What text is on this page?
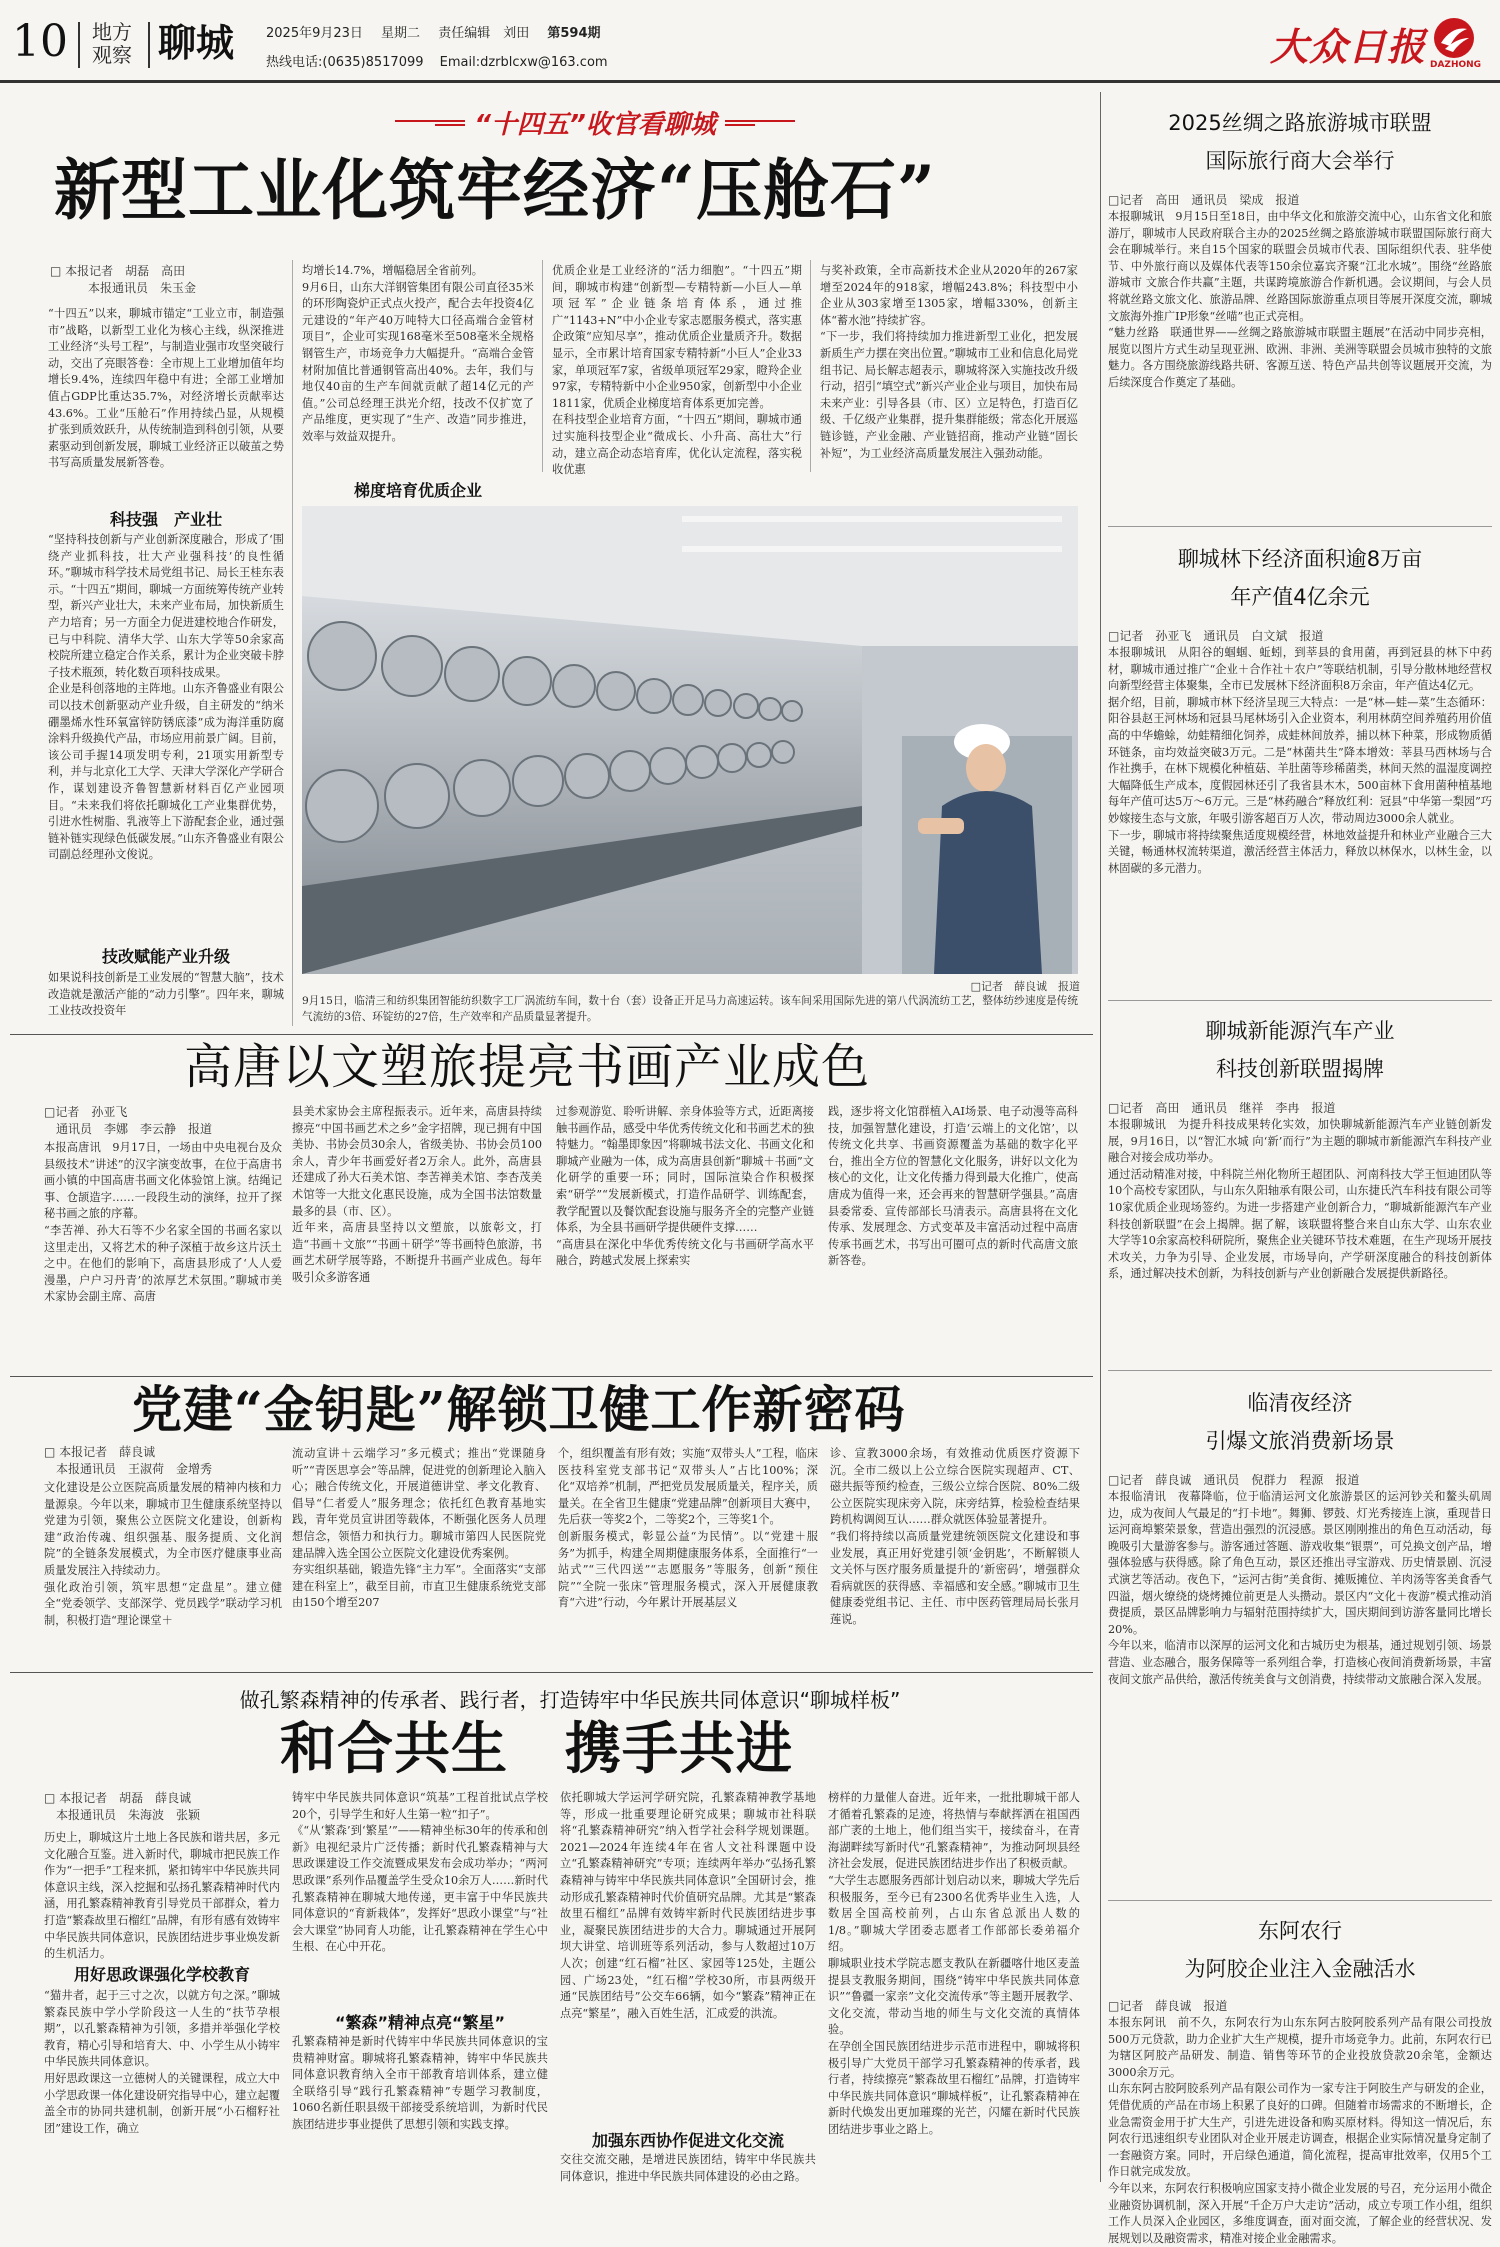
10 地方
观察 聊城 2025年9月23日 星期二 责任编辑　刘田 第594期
热线电话:(0635)8517099 Email:dzrblcxw@163.com	大众日报 DAZHONG
“十四五”收官看聊城
新型工业化筑牢经济“压舱石”
□ 本报记者　胡磊　高田
本报通讯员　朱玉金
“十四五”以来，聊城市锚定“工业立市，制造强市”战略，以新型工业化为核心主线，纵深推进工业经济“头号工程”，与制造业强市攻坚突破行动，交出了亮眼答卷：全市规上工业增加值年均增长9.4%，连续四年稳中有进；全部工业增加值占GDP比重达35.7%，对经济增长贡献率达43.6%。工业“压舱石”作用持续凸显，从规模扩张到质效跃升，从传统制造到科创引领，从要素驱动到创新发展，聊城工业经济正以破茧之势书写高质量发展新答卷。
科技强　产业壮
“坚持科技创新与产业创新深度融合，形成了‘围绕产业抓科技，壮大产业强科技’的良性循环。”聊城市科学技术局党组书记、局长王桂东表示。“十四五”期间，聊城一方面统筹传统产业转型，新兴产业壮大，未来产业布局，加快新质生产力培育；另一方面全力促进建校地合作研发，已与中科院、清华大学、山东大学等50余家高校院所建立稳定合作关系，累计为企业突破卡脖子技术瓶颈，转化数百项科技成果。
企业是科创落地的主阵地。山东齐鲁盛业有限公司以技术创新驱动产业升级，自主研发的“纳米硼墨烯水性环氧富锌防锈底漆”成为海洋重防腐涂料升级换代产品，市场应用前景广阔。目前，该公司手握14项发明专利，21项实用新型专利，并与北京化工大学、天津大学深化产学研合作，谋划建设齐鲁智慧新材料百亿产业园项目。“未来我们将依托聊城化工产业集群优势，引进水性树脂、乳液等上下游配套企业，通过强链补链实现绿色低碳发展。”山东齐鲁盛业有限公司副总经理孙文俊说。
技改赋能产业升级
如果说科技创新是工业发展的“智慧大脑”，技术改造就是激活产能的“动力引擎”。四年来，聊城工业技改投资年
均增长14.7%，增幅稳居全省前列。
9月6日，山东大洋钢管集团有限公司直径35米的环形陶瓷炉正式点火投产，配合去年投资4亿元建设的“年产40万吨特大口径高端合金管材项目”，企业可实现168毫米至508毫米全规格钢管生产，市场竞争力大幅提升。“高端合金管材附加值比普通钢管高出40%。去年，我们与地仅40亩的生产车间就贡献了超14亿元的产值。”公司总经理王洪光介绍，技改不仅扩宽了产品维度，更实现了“生产、改造”同步推进，效率与效益双提升。
优质企业是工业经济的“活力细胞”。“十四五”期间，聊城市构建“创新型—专精特新—小巨人—单项冠军”企业链条培育体系，通过推广“1143+N”中小企业专家志愿服务模式，落实惠企政策“应知尽享”，推动优质企业量质齐升。数据显示，全市累计培育国家专精特新“小巨人”企业33家，单项冠军7家，省级单项冠军29家，瞪羚企业97家，专精特新中小企业950家，创新型中小企业1811家，优质企业梯度培育体系更加完善。
在科技型企业培育方面，“十四五”期间，聊城市通过实施科技型企业“微成长、小升高、高壮大”行动，建立高企动态培育库，优化认定流程，落实税收优惠
梯度培育优质企业
与奖补政策，全市高新技术企业从2020年的267家增至2024年的918家，增幅243.8%；科技型中小企业从303家增至1305家，增幅330%，创新主体“蓄水池”持续扩容。
“下一步，我们将持续加力推进新型工业化，把发展新质生产力摆在突出位置。”聊城市工业和信息化局党组书记、局长解志超表示，聊城将深入实施技改升级行动，招引“填空式”新兴产业企业与项目，加快布局未来产业：引导各县（市、区）立足特色，打造百亿级、千亿级产业集群，提升集群能级；常态化开展巡链诊链，产业金融、产业链招商，推动产业链“固长补短”，为工业经济高质量发展注入强劲动能。
□记者　薛良诚　报道
9月15日，临清三和纺织集团智能纺织数字工厂涡流纺车间，数十台（套）设备正开足马力高速运转。该车间采用国际先进的第八代涡流纺工艺，整体纺纱速度是传统气流纺的3倍、环锭纺的27倍，生产效率和产品质量显著提升。
高唐以文塑旅提亮书画产业成色
□记者　孙亚飞
通讯员　李娜　李云静　报道
本报高唐讯　9月17日，一场由中央电视台及众县级技术“讲述”的汉字演变故事，在位于高唐书画小镇的中国高唐书画文化体验馆上演。结绳记事、仓颉造字……一段段生动的演绎，拉开了探秘书画之旅的序幕。
“李苦禅、孙大石等不少名家全国的书画名家以这里走出，又将艺术的种子深植于故乡这片沃土之中。在他们的影响下，高唐县形成了‘人人爱漫墨，户户习丹青’的浓厚艺术氛围。”聊城市美术家协会副主席、高唐
县美术家协会主席程振表示。近年来，高唐县持续擦亮“中国书画艺术之乡”金字招牌，现已拥有中国美协、书协会员30余人，省级美协、书协会员100余人，青少年书画爱好者2万余人。此外，高唐县还建成了孙大石美术馆、李苦禅美术馆、李杏茂美术馆等一大批文化惠民设施，成为全国书法馆数量最多的县（市、区）。
近年来，高唐县坚持以文塑旅，以旅彰文，打造“书画＋文旅”“书画＋研学”等书画特色旅游，书画艺术研学展等路，不断提升书画产业成色。每年吸引众多游客通
过参观游览、聆听讲解、亲身体验等方式，近距离接触书画作品，感受中华优秀传统文化和书画艺术的独特魅力。“翰墨即象因”将聊城书法文化、书画文化和聊城产业融为一体，成为高唐县创新“聊城＋书画”文化研学的重要一环；同时，国际渲染合作积极探索“研学”“发展新模式，打造作品研学、训练配套，教学配置以及餐饮配套设施与服务齐全的完整产业链体系，为全县书画研学提供硬件支撑……
“高唐县在深化中华优秀传统文化与书画研学高水平融合，跨越式发展上探索实
践，逐步将文化馆群植入AI场景、电子动漫等高科技，加强智慧化建设，打造‘云端上的文化馆’，以传统文化共享、书画资源覆盖为基础的数字化平台，推出全方位的智慧化文化服务，讲好以文化为核心的文化，让文化传播力得到最大化推广，使高唐成为值得一来，还会再来的智慧研学强县。”高唐县委常委、宣传部部长马清表示。高唐县将在文化传承、发展理念、方式变革及丰富活动过程中高唐传承书画艺术，书写出可圈可点的新时代高唐文旅新答卷。
党建“金钥匙”解锁卫健工作新密码
□ 本报记者　薛良诚
本报通讯员　王淑荷　金增秀
文化建设是公立医院高质量发展的精神内核和力量源泉。今年以来，聊城市卫生健康系统坚持以党建为引领，聚焦公立医院文化建设，创新构建“政治传魂、组织强基、服务提质、文化润院”的全链条发展模式，为全市医疗健康事业高质量发展注入持续动力。
强化政治引领，筑牢思想“定盘星”。建立健全“党委领学、支部深学、党员践学”联动学习机制，积极打造“理论课堂＋
流动宣讲＋云端学习”多元模式；推出“党课随身听”“青医思享会”等品牌，促进党的创新理论入脑入心；融合传统文化，开展道德讲堂、孝文化教育、倡导“仁者爱人”服务理念；依托红色教育基地实践，青年党员宣讲团等载体，不断强化医务人员理想信念，领悟力和执行力。聊城市第四人民医院党建品牌入选全国公立医院文化建设优秀案例。
夯实组织基础，锻造先锋“主力军”。全面落实“支部建在科室上”，截至目前，市直卫生健康系统党支部由150个增至207
个，组织覆盖有形有效；实施“双带头人”工程，临床医技科室党支部书记“双带头人”占比100%；深化“双培养”机制，严把党员发展质量关，程序关，质量关。在全省卫生健康“党建品牌”创新项目大赛中，先后获一等奖2个，二等奖2个，三等奖1个。
创新服务模式，彰显公益“为民情”。以“党建＋服务”为抓手，构建全周期健康服务体系，全面推行“一站式”“三代四送”“志愿服务”等服务，创新“预住院”“全院一张床”管理服务模式，深入开展健康教育“六进”行动，今年累计开展基层义
诊、宣教3000余场，有效推动优质医疗资源下沉。全市二级以上公立综合医院实现超声、CT、磁共振等预约检查，三级公立综合医院、80%二级公立医院实现床旁入院，床旁结算，检验检查结果跨机构调阅互认……群众就医体验显著提升。
“我们将持续以高质量党建统领医院文化建设和事业发展，真正用好党建引领‘金钥匙’，不断解锁人文关怀与医疗服务质量提升的‘新密码’，增强群众看病就医的获得感、幸福感和安全感。”聊城市卫生健康委党组书记、主任、市中医药管理局局长张月莲说。
做孔繁森精神的传承者、践行者，打造铸牢中华民族共同体意识“聊城样板”
和合共生　携手共进
□ 本报记者　胡磊　薛良诚
本报通讯员　朱海波　张颖
历史上，聊城这片土地上各民族和谐共居，多元文化融合互鉴。进入新时代，聊城市把民族工作作为“一把手”工程来抓，紧扣铸牢中华民族共同体意识主线，深入挖掘和弘扬孔繁森精神时代内涵，用孔繁森精神教育引导党员干部群众，着力打造“繁森故里石榴红”品牌，有形有感有效铸牢中华民族共同体意识，民族团结进步事业焕发新的生机活力。
用好思政课强化学校教育
“猫井者，起于三寸之次，以就方句之深。”聊城繁森民族中学小学阶段这一人生的“扶节孕根期”，以孔繁森精神为引领，多措并举强化学校教育，精心引导和培育大、中、小学生从小铸牢中华民族共同体意识。
用好思政课这一立德树人的关键课程，成立大中小学思政课一体化建设研究指导中心，建立起覆盖全市的协同共建机制，创新开展“小石榴籽社团”建设工作，确立
铸牢中华民族共同体意识“筑基”工程首批试点学校20个，引导学生和好人生第一粒“扣子”。
《“从‘繁森’到‘繁星’”——精神坐标30年的传承和创新》电视纪录片广泛传播；新时代孔繁森精神与大思政课建设工作交流暨成果发布会成功举办；“两河思政课”系列作品覆盖学生受众10余万人……新时代孔繁森精神在聊城大地传递，更丰富于中华民族共同体意识的“育新栽体”，发挥好“思政小课堂”与“社会大课堂”协同育人功能，让孔繁森精神在学生心中生根、在心中开花。
“繁森”精神点亮“繁星”
孔繁森精神是新时代铸牢中华民族共同体意识的宝贵精神财富。聊城将孔繁森精神，铸牢中华民族共同体意识教育纳入全市干部教育培训体系，建立健全联络引导“践行孔繁森精神”专题学习教制度，1060名新任职县级干部接受系统培训，为新时代民族团结进步事业提供了思想引领和实践支撑。
依托聊城大学运河学研究院，孔繁森精神教学基地等，形成一批重要理论研究成果；聊城市社科联将“孔繁森精神研究”纳入哲学社会科学规划课题。2021—2024年连续4年在省人文社科课题中设立“孔繁森精神研究”专项；连续两年举办“弘扬孔繁森精神与铸牢中华民族共同体意识”全国研讨会，推动形成孔繁森精神时代价值研究品牌。尤其是“繁森故里石榴红”品牌有效铸牢新时代民族团结进步事业，凝聚民族团结进步的大合力。聊城通过开展阿坝大讲堂、培训班等系列活动，参与人数超过10万人次；创建“红石榴”社区、家园等125处，主题公园、广场23处，“红石榴”学校30所，市县两级开通“民族团结号”公交车66辆，如今“繁森”精神正在点亮“繁星”，融入百姓生活，汇成爱的洪流。
加强东西协作促进文化交流
交往交流交融，是增进民族团结，铸牢中华民族共同体意识，推进中华民族共同体建设的必由之路。
榜样的力量催人奋进。近年来，一批批聊城干部人才循着孔繁森的足迹，将热情与奉献挥洒在祖国西部广袤的土地上，他们组当实干，接续奋斗，在青海湖畔续写新时代“孔繁森精神”，为推动阿坝县经济社会发展，促进民族团结进步作出了积极贡献。
“大学生志愿服务西部计划启动以来，聊城大学先后积极服务，至今已有2300名优秀毕业生入选，人数居全国高校前列，占山东省总派出人数的1/8。”聊城大学团委志愿者工作部部长委弟福介绍。
聊城职业技术学院志愿支教队在新疆喀什地区麦盖提县支教服务期间，围绕“铸牢中华民族共同体意识”“鲁疆一家亲”文化交流传承”等主题开展教学、文化交流，带动当地的师生与文化交流的真情体验。
在孕创全国民族团结进步示范市进程中，聊城将积极引导广大党员干部学习孔繁森精神的传承者，践行者，持续擦亮“繁森故里石榴红”品牌，打造铸牢中华民族共同体意识“聊城样板”，让孔繁森精神在新时代焕发出更加璀璨的光芒，闪耀在新时代民族团结进步事业之路上。
2025丝绸之路旅游城市联盟
国际旅行商大会举行
□记者　高田　通讯员　梁成　报道
本报聊城讯　9月15日至18日，由中华文化和旅游交流中心，山东省文化和旅游厅，聊城市人民政府联合主办的2025丝绸之路旅游城市联盟国际旅行商大会在聊城举行。来自15个国家的联盟会员城市代表、国际组织代表、驻华使节、中外旅行商以及媒体代表等150余位嘉宾齐聚“江北水城”。围绕“丝路旅游城市 文旅合作共赢”主题，共谋跨境旅游合作新机遇。会议期间，与会人员将就丝路文旅文化、旅游品牌、丝路国际旅游重点项目等展开深度交流，聊城文旅海外推广IP形象“丝喵”也正式亮相。
“魅力丝路　联通世界——丝绸之路旅游城市联盟主题展”在活动中同步亮相，展览以图片方式生动呈现亚洲、欧洲、非洲、美洲等联盟会员城市独特的文旅魅力。各方围绕旅游线路共研、客源互送、特色产品共创等议题展开交流，为后续深度合作奠定了基础。
聊城林下经济面积逾8万亩
年产值4亿余元
□记者　孙亚飞　通讯员　白文斌　报道
本报聊城讯　从阳谷的蝈蝈、蚯蚓，到莘县的食用菌，再到冠县的林下中药材，聊城市通过推广“企业＋合作社＋农户”等联结机制，引导分散林地经营权向新型经营主体聚集，全市已发展林下经济面积8万余亩，年产值达4亿元。
据介绍，目前，聊城市林下经济呈现三大特点：一是“林—蛙—菜”生态循环：阳谷县赵王河林场和冠县马尾林场引入企业资本，利用林荫空间养殖药用价值高的中华蟾蜍，幼蛙精细化饲养，成蛙林间放养，捕以林下种菜，形成物质循环链条，亩均效益突破3万元。二是“林菌共生”降本增效：莘县马西林场与合作社携手，在林下规模化种植菇、羊肚菌等珍稀菌类，林间天然的温湿度调控大幅降低生产成本，度假园林还引了我省县木木，500亩林下食用菌种植基地每年产值可达5万～6万元。三是“林药融合”释放红利：冠县“中华第一梨园”巧妙嫁接生态与文旅，年吸引游客超百万人次，带动周边3000余人就业。
下一步，聊城市将持续聚焦适度规模经营，林地效益提升和林业产业融合三大关键，畅通林权流转渠道，激活经营主体活力，释放以林保水，以林生金，以林固碳的多元潜力。
聊城新能源汽车产业
科技创新联盟揭牌
□记者　高田　通讯员　继祥　李冉　报道
本报聊城讯　为提升科技成果转化实效，加快聊城新能源汽车产业链创新发展，9月16日，以“智汇水城 向‘新’而行”为主题的聊城市新能源汽车科技产业融合对接会成功举办。
通过活动精准对接，中科院兰州化物所王超团队、河南科技大学王恒迪团队等10个高校专家团队，与山东久阳轴承有限公司，山东捷氏汽车科技有限公司等10家优质企业现场签约。为进一步搭建产业创新合力，“聊城新能源汽车产业科技创新联盟”在会上揭牌。据了解，该联盟将整合来自山东大学、山东农业大学等10余家高校科研院所，聚焦企业关键环节技术难题，在生产现场开展技术攻关，力争为引导、企业发展，市场导向，产学研深度融合的科技创新体系，通过解决技术创新，为科技创新与产业创新融合发展提供新路径。
临清夜经济
引爆文旅消费新场景
□记者　薛良诚　通讯员　倪群力　程源　报道
本报临清讯　夜幕降临，位于临清运河文化旅游景区的运河钞关和鳌头矶周边，成为夜间人气最足的“打卡地”。舞狮、锣鼓、灯光秀接连上演，重现昔日运河商埠繁荣景象，营造出强烈的沉浸感。景区刚刚推出的角色互动活动，每晚吸引大量游客参与。游客通过答题、游戏收集“银票”，可兑换文创产品，增强体验感与获得感。除了角色互动，景区还推出寻宝游戏、历史情景剧、沉浸式演艺等活动。夜色下，“运河古街”美食街、摊贩摊位、羊肉汤等客美食香气四溢，烟火缭绕的烧烤摊位前更是人头攒动。景区内“文化＋夜游”模式推动消费提质，景区品牌影响力与辐射范围持续扩大，国庆期间到访游客量同比增长20%。
今年以来，临清市以深厚的运河文化和古城历史为根基，通过规划引领、场景营造、业态融合，服务保障等一系列组合拳，打造核心夜间消费新场景，丰富夜间文旅产品供给，激活传统美食与文创消费，持续带动文旅融合深入发展。
东阿农行
为阿胶企业注入金融活水
□记者　薛良诚　报道
本报东阿讯　前不久，东阿农行为山东东阿古胶阿胶系列产品有限公司投放500万元贷款，助力企业扩大生产规模，提升市场竞争力。此前，东阿农行已为辖区阿胶产品研发、制造、销售等环节的企业投放贷款20余笔，金额达3000余万元。
山东东阿古胶阿胶系列产品有限公司作为一家专注于阿胶生产与研发的企业，凭借优质的产品在市场上积累了良好的口碑。但随着市场需求的不断增长，企业急需资金用于扩大生产，引进先进设备和购买原材料。得知这一情况后，东阿农行迅速组织专业团队对企业开展走访调查，根据企业实际情况量身定制了一套融资方案。同时，开启绿色通道，简化流程，提高审批效率，仅用5个工作日就完成发放。
今年以来，东阿农行积极响应国家支持小微企业发展的号召，充分运用小微企业融资协调机制，深入开展“千企万户大走访”活动，成立专项工作小组，组织工作人员深入企业园区，多维度调查，面对面交流，了解企业的经营状况、发展规划以及融资需求，精准对接企业金融需求。
